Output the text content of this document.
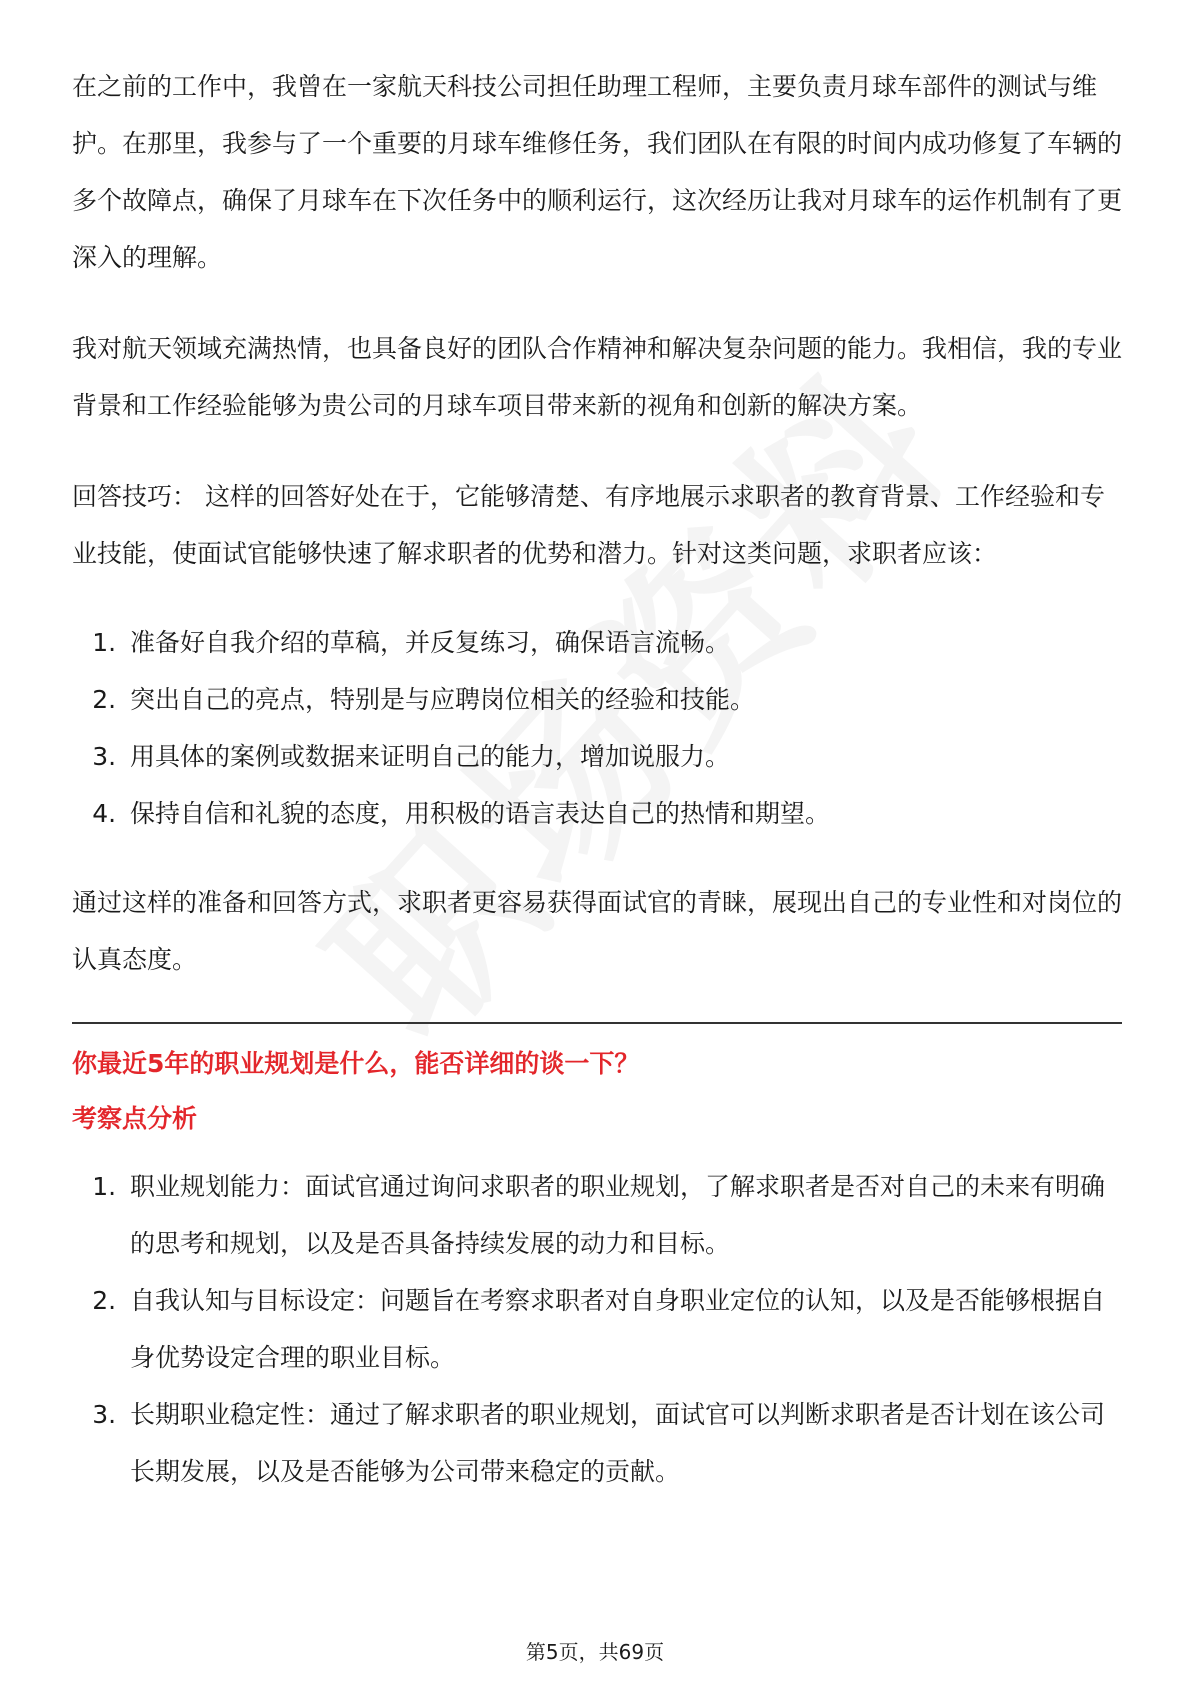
在之前的工作中，我曾在一家航天科技公司担任助理工程师，主要负责月球车部件的测试与维护。在那里，我参与了一个重要的月球车维修任务，我们团队在有限的时间内成功修复了车辆的多个故障点，确保了月球车在下次任务中的顺利运行，这次经历让我对月球车的运作机制有了更深入的理解。

我对航天领域充满热情，也具备良好的团队合作精神和解决复杂问题的能力。我相信，我的专业背景和工作经验能够为贵公司的月球车项目带来新的视角和创新的解决方案。

回答技巧： 这样的回答好处在于，它能够清楚、有序地展示求职者的教育背景、工作经验和专业技能，使面试官能够快速了解求职者的优势和潜力。针对这类问题，求职者应该：

1. 准备好自我介绍的草稿，并反复练习，确保语言流畅。
2. 突出自己的亮点，特别是与应聘岗位相关的经验和技能。
3. 用具体的案例或数据来证明自己的能力，增加说服力。
4. 保持自信和礼貌的态度，用积极的语言表达自己的热情和期望。

通过这样的准备和回答方式，求职者更容易获得面试官的青睐，展现出自己的专业性和对岗位的认真态度。

你最近5年的职业规划是什么，能否详细的谈一下？

考察点分析

1. 职业规划能力：面试官通过询问求职者的职业规划，了解求职者是否对自己的未来有明确的思考和规划，以及是否具备持续发展的动力和目标。
2. 自我认知与目标设定：问题旨在考察求职者对自身职业定位的认知，以及是否能够根据自身优势设定合理的职业目标。
3. 长期职业稳定性：通过了解求职者的职业规划，面试官可以判断求职者是否计划在该公司长期发展，以及是否能够为公司带来稳定的贡献。
第5页，共69页
